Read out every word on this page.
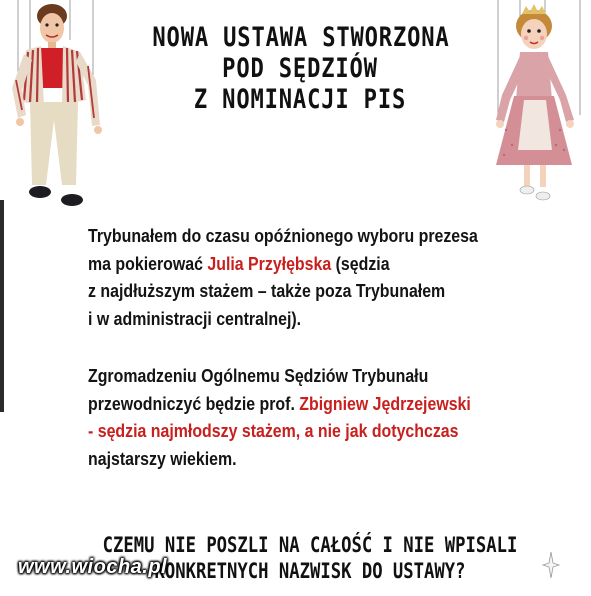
NOWA USTAWA STWORZONA
POD SĘDZIÓW
Z NOMINACJI PIS
Trybunałem do czasu opóźnionego wyboru prezesa
ma pokierować Julia Przyłębska (sędzia
z najdłuższym stażem – także poza Trybunałem
i w administracji centralnej).
Zgromadzeniu Ogólnemu Sędziów Trybunału
przewodniczyć będzie prof. Zbigniew Jędrzejewski
- sędzia najmłodszy stażem, a nie jak dotychczas
najstarszy wiekiem.
CZEMU NIE POSZLI NA CAŁOŚĆ I NIE WPISALI
KONKRETNYCH NAZWISK DO USTAWY?
www.wiocha.pl
